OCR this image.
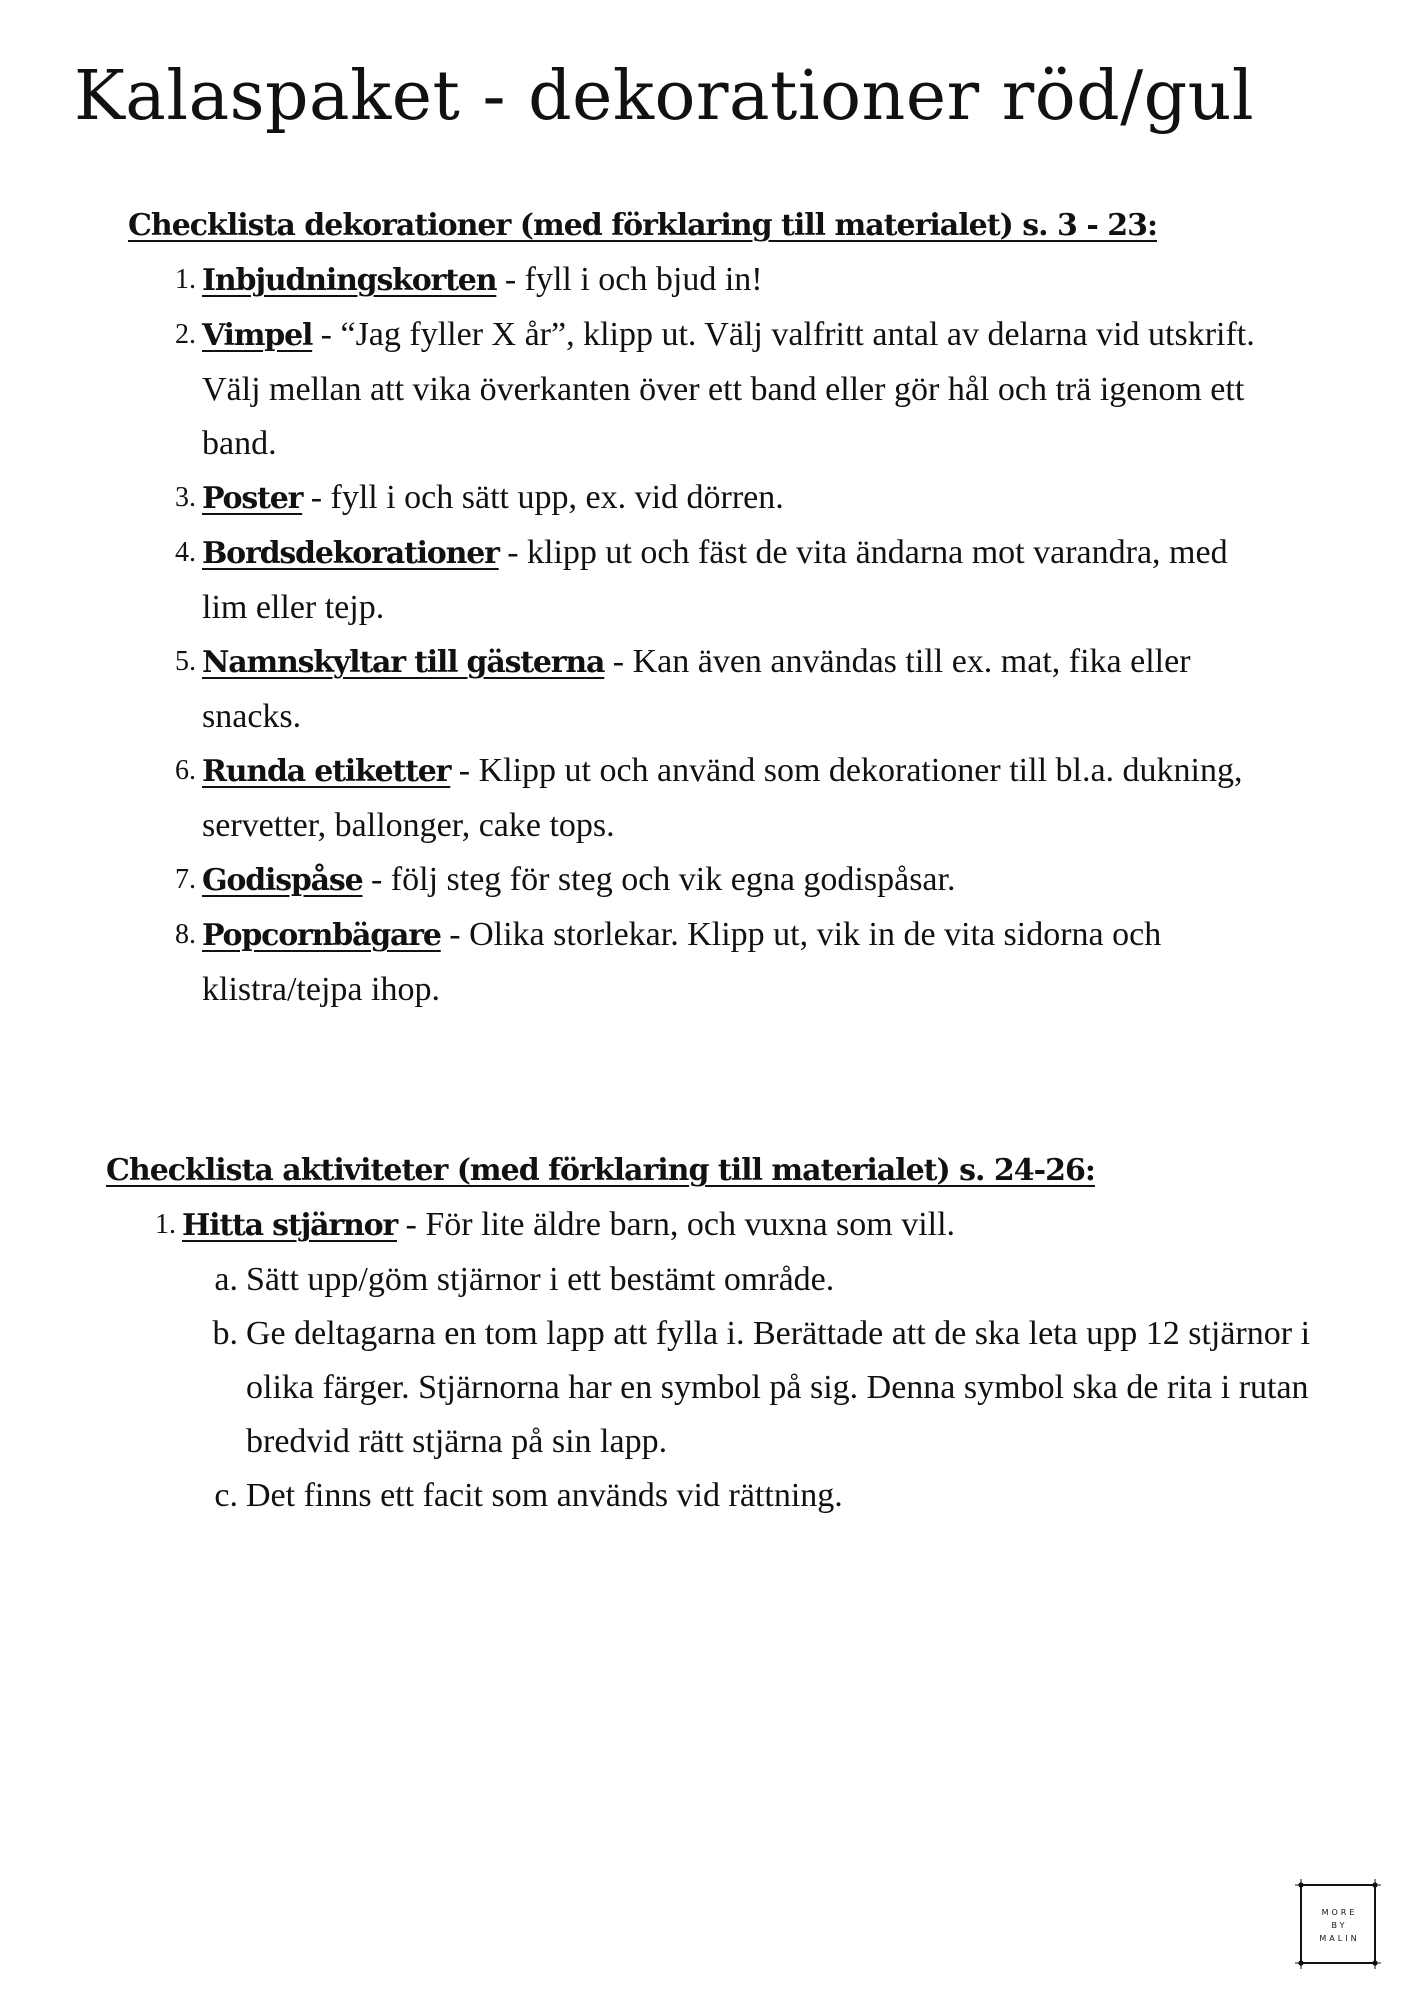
Kalaspaket - dekorationer röd/gul
Checklista dekorationer (med förklaring till materialet) s. 3 - 23:
1. Inbjudningskorten - fyll i och bjud in!
2. Vimpel - “Jag fyller X år”, klipp ut. Välj valfritt antal av delarna vid utskrift. Välj mellan att vika överkanten över ett band eller gör hål och trä igenom ett band.
3. Poster - fyll i och sätt upp, ex. vid dörren.
4. Bordsdekorationer - klipp ut och fäst de vita ändarna mot varandra, med lim eller tejp.
5. Namnskyltar till gästerna - Kan även användas till ex. mat, fika eller snacks.
6. Runda etiketter - Klipp ut och använd som dekorationer till bl.a. dukning, servetter, ballonger, cake tops.
7. Godispåse - följ steg för steg och vik egna godispåsar.
8. Popcornbägare - Olika storlekar. Klipp ut, vik in de vita sidorna och klistra/tejpa ihop.
Checklista aktiviteter (med förklaring till materialet) s. 24-26:
1. Hitta stjärnor - För lite äldre barn, och vuxna som vill.
a. Sätt upp/göm stjärnor i ett bestämt område.
b. Ge deltagarna en tom lapp att fylla i. Berättade att de ska leta upp 12 stjärnor i olika färger. Stjärnorna har en symbol på sig. Denna symbol ska de rita i rutan bredvid rätt stjärna på sin lapp.
c. Det finns ett facit som används vid rättning.
MORE
BY
MALIN
